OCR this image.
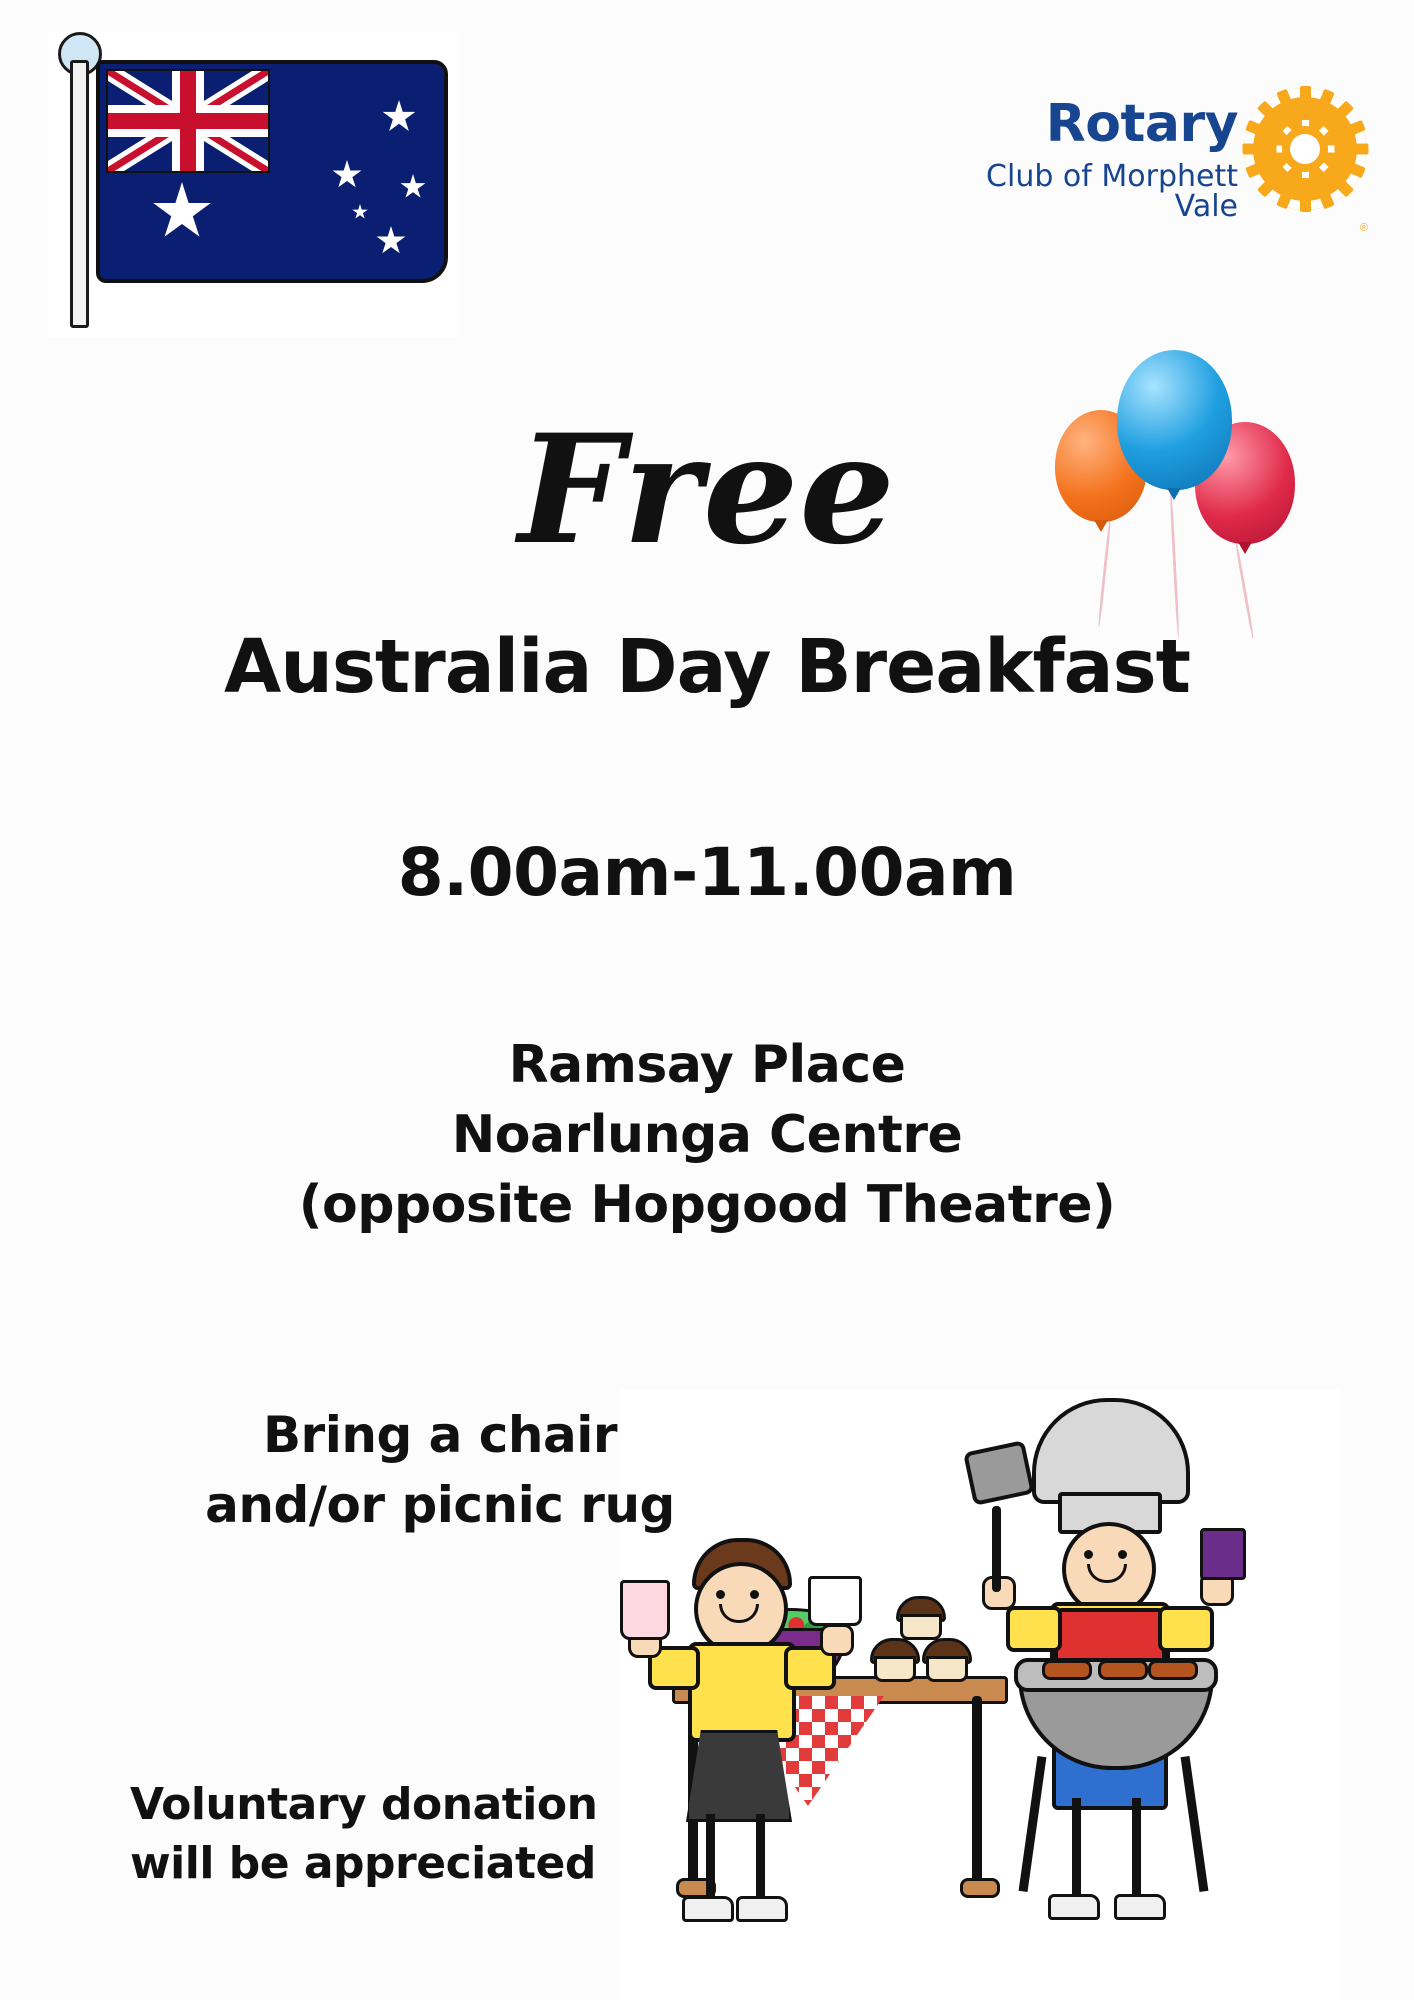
Rotary
Club of Morphett Vale
®
Free
Australia Day Breakfast
8.00am-11.00am
Ramsay Place
Noarlunga Centre
(opposite Hopgood Theatre)
Bring a chair
and/or picnic rug
Voluntary donation
will be appreciated
